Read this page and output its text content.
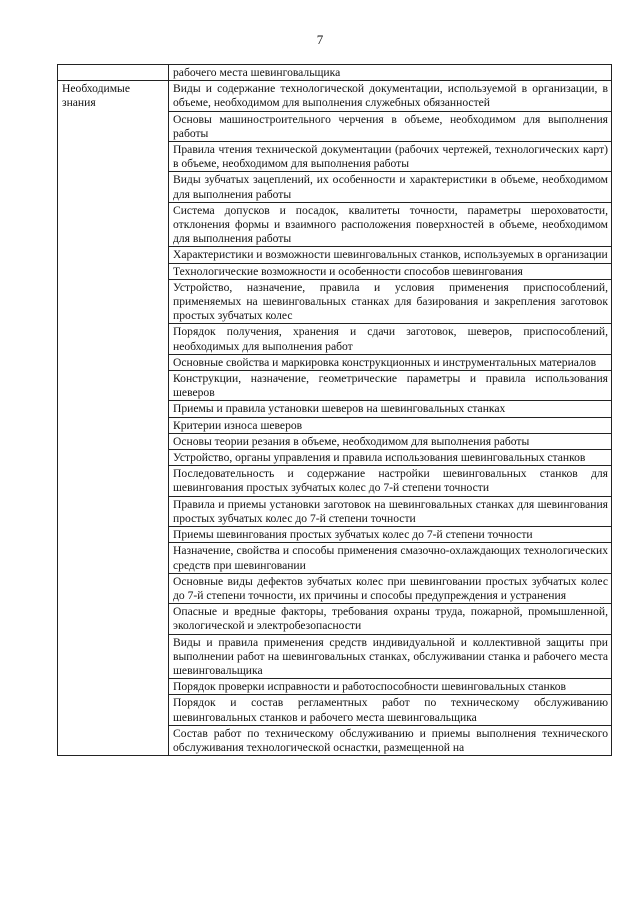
7
	рабочего места шевинговальщика
Необходимые знания	Виды и содержание технологической документации, используемой в организации, в объеме, необходимом для выполнения служебных обязанностей
	Основы машиностроительного черчения в объеме, необходимом для выполнения работы
	Правила чтения технической документации (рабочих чертежей, технологических карт) в объеме, необходимом для выполнения работы
	Виды зубчатых зацеплений, их особенности и характеристики в объеме, необходимом для выполнения работы
	Система допусков и посадок, квалитеты точности, параметры шероховатости, отклонения формы и взаимного расположения поверхностей в объеме, необходимом для выполнения работы
	Характеристики и возможности шевинговальных станков, используемых в организации
	Технологические возможности и особенности способов шевингования
	Устройство, назначение, правила и условия применения приспособлений, применяемых на шевинговальных станках для базирования и закрепления заготовок простых зубчатых колес
	Порядок получения, хранения и сдачи заготовок, шеверов, приспособлений, необходимых для выполнения работ
	Основные свойства и маркировка конструкционных и инструментальных материалов
	Конструкции, назначение, геометрические параметры и правила использования шеверов
	Приемы и правила установки шеверов на шевинговальных станках
	Критерии износа шеверов
	Основы теории резания в объеме, необходимом для выполнения работы
	Устройство, органы управления и правила использования шевинговальных станков
	Последовательность и содержание настройки шевинговальных станков для шевингования простых зубчатых колес до 7-й степени точности
	Правила и приемы установки заготовок на шевинговальных станках для шевингования простых зубчатых колес до 7-й степени точности
	Приемы шевингования простых зубчатых колес до 7-й степени точности
	Назначение, свойства и способы применения смазочно-охлаждающих технологических средств при шевинговании
	Основные виды дефектов зубчатых колес при шевинговании простых зубчатых колес до 7-й степени точности, их причины и способы предупреждения и устранения
	Опасные и вредные факторы, требования охраны труда, пожарной, промышленной, экологической и электробезопасности
	Виды и правила применения средств индивидуальной и коллективной защиты при выполнении работ на шевинговальных станках, обслуживании станка и рабочего места шевинговальщика
	Порядок проверки исправности и работоспособности шевинговальных станков
	Порядок и состав регламентных работ по техническому обслуживанию шевинговальных станков и рабочего места шевинговальщика
	Состав работ по техническому обслуживанию и приемы выполнения технического обслуживания технологической оснастки, размещенной на
